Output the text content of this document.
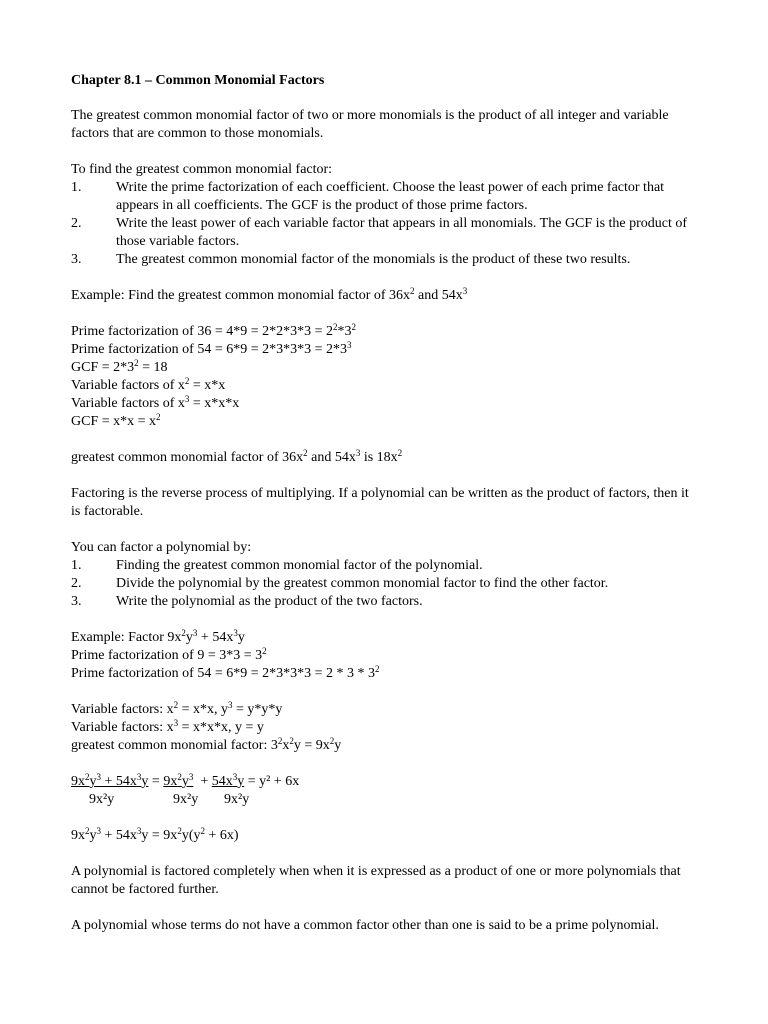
Chapter 8.1 – Common Monomial Factors

The greatest common monomial factor of two or more monomials is the product of all integer and variable factors that are common to those monomials.

To find the greatest common monomial factor:
1. Write the prime factorization of each coefficient. Choose the least power of each prime factor that appears in all coefficients. The GCF is the product of those prime factors.
2. Write the least power of each variable factor that appears in all monomials. The GCF is the product of those variable factors.
3. The greatest common monomial factor of the monomials is the product of these two results.

Example: Find the greatest common monomial factor of $36x^2$ and $54x^3$

Prime factorization of $36 = 4*9 = 2*2*3*3 = 2^2*3^2$
Prime factorization of $54 = 6*9 = 2*3*3*3 = 2*3^3$
GCF = $2*3^2 = 18$
Variable factors of $x^2 = x*x$
Variable factors of $x^3 = x*x*x$
GCF = $x*x = x^2$

greatest common monomial factor of $36x^2$ and $54x^3$ is $18x^2$

Factoring is the reverse process of multiplying. If a polynomial can be written as the product of factors, then it is factorable.

You can factor a polynomial by:
1. Finding the greatest common monomial factor of the polynomial.
2. Divide the polynomial by the greatest common monomial factor to find the other factor.
3. Write the polynomial as the product of the two factors.
Example: Factor $9x^2y^3 + 54x^3y$
Prime factorization of $9 = 3*3 = 3^2$
Prime factorization of $54 = 6*9 = 2*3*3*3 = 2 * 3 * 3^2$
Variable factors: $x^2 = x*x$, $y^3 = y*y*y$
Variable factors: $x^3 = x*x*x$, y = y
greatest common monomial factor: $3^2x^2y = 9x^2y$
$9x^2y^3 + 54x^3y = 9x^2y^3 + 54x^3y = y^2 + 6x$
9x²y	9x²y 9x²y

$9x^2y^3 + 54x^3y = 9x^2y(y^2 + 6x)$

A polynomial is factored completely when when it is expressed as a product of one or more polynomials that cannot be factored further.

A polynomial whose terms do not have a common factor other than one is said to be a prime polynomial.
